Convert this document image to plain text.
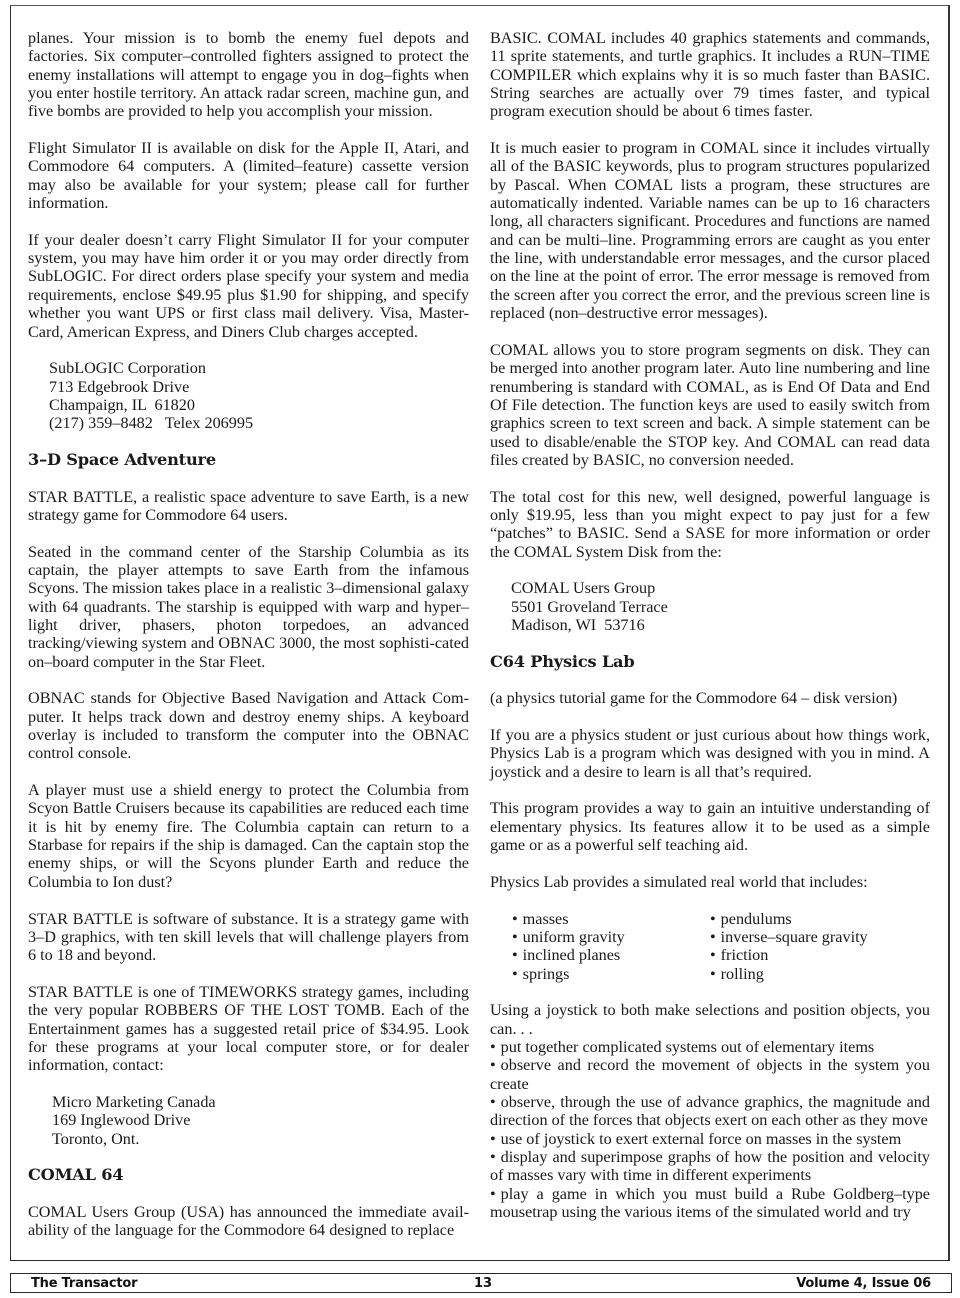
planes. Your mission is to bomb the enemy fuel depots and factories. Six computer–controlled fighters assigned to protect the enemy installations will attempt to engage you in dog–fights when you enter hostile territory. An attack radar screen, machine gun, and five bombs are provided to help you accomplish your mission.

Flight Simulator II is available on disk for the Apple II, Atari, and Commodore 64 computers. A (limited–feature) cassette version may also be available for your system; please call for further information.

If your dealer doesn’t carry Flight Simulator II for your computer system, you may have him order it or you may order directly from SubLOGIC. For direct orders plase specify your system and media requirements, enclose $49.95 plus $1.90 for shipping, and specify whether you want UPS or first class mail delivery. Visa, Master-Card, American Express, and Diners Club charges accepted.

SubLOGIC Corporation
713 Edgebrook Drive
Champaign, IL  61820
(217) 359–8482   Telex 206995
3–D Space Adventure

STAR BATTLE, a realistic space adventure to save Earth, is a new strategy game for Commodore 64 users.

Seated in the command center of the Starship Columbia as its captain, the player attempts to save Earth from the infamous Scyons. The mission takes place in a realistic 3–dimensional galaxy with 64 quadrants. The starship is equipped with warp and hyper–light driver, phasers, photon torpedoes, an advanced tracking/viewing system and OBNAC 3000, the most sophisti-cated on–board computer in the Star Fleet.

OBNAC stands for Objective Based Navigation and Attack Com-puter. It helps track down and destroy enemy ships. A keyboard overlay is included to transform the computer into the OBNAC control console.

A player must use a shield energy to protect the Columbia from Scyon Battle Cruisers because its capabilities are reduced each time it is hit by enemy fire. The Columbia captain can return to a Starbase for repairs if the ship is damaged. Can the captain stop the enemy ships, or will the Scyons plunder Earth and reduce the Columbia to Ion dust?

STAR BATTLE is software of substance. It is a strategy game with 3–D graphics, with ten skill levels that will challenge players from 6 to 18 and beyond.

STAR BATTLE is one of TIMEWORKS strategy games, including the very popular ROBBERS OF THE LOST TOMB. Each of the Entertainment games has a suggested retail price of $34.95. Look for these programs at your local computer store, or for dealer information, contact:

Micro Marketing Canada
169 Inglewood Drive
Toronto, Ont.
COMAL 64

COMAL Users Group (USA) has announced the immediate avail-ability of the language for the Commodore 64 designed to replace

BASIC. COMAL includes 40 graphics statements and commands, 11 sprite statements, and turtle graphics. It includes a RUN–TIME COMPILER which explains why it is so much faster than BASIC. String searches are actually over 79 times faster, and typical program execution should be about 6 times faster.

It is much easier to program in COMAL since it includes virtually all of the BASIC keywords, plus to program structures popularized by Pascal. When COMAL lists a program, these structures are automatically indented. Variable names can be up to 16 characters long, all characters significant. Procedures and functions are named and can be multi–line. Programming errors are caught as you enter the line, with understandable error messages, and the cursor placed on the line at the point of error. The error message is removed from the screen after you correct the error, and the previous screen line is replaced (non–destructive error messages).

COMAL allows you to store program segments on disk. They can be merged into another program later. Auto line numbering and line renumbering is standard with COMAL, as is End Of Data and End Of File detection. The function keys are used to easily switch from graphics screen to text screen and back. A simple statement can be used to disable/enable the STOP key. And COMAL can read data files created by BASIC, no conversion needed.

The total cost for this new, well designed, powerful language is only $19.95, less than you might expect to pay just for a few “patches” to BASIC. Send a SASE for more information or order the COMAL System Disk from the:

COMAL Users Group
5501 Groveland Terrace
Madison, WI  53716
C64 Physics Lab

(a physics tutorial game for the Commodore 64 – disk version)

If you are a physics student or just curious about how things work, Physics Lab is a program which was designed with you in mind. A joystick and a desire to learn is all that’s required.

This program provides a way to gain an intuitive understanding of elementary physics. Its features allow it to be used as a simple game or as a powerful self teaching aid.

Physics Lab provides a simulated real world that includes:

• masses
• uniform gravity
• inclined planes
• springs
• pendulums
• inverse–square gravity
• friction
• rolling

Using a joystick to both make selections and position objects, you can. . .

• put together complicated systems out of elementary items
• observe and record the movement of objects in the system you create
• observe, through the use of advance graphics, the magnitude and direction of the forces that objects exert on each other as they move
• use of joystick to exert external force on masses in the system
• display and superimpose graphs of how the position and velocity of masses vary with time in different experiments
• play a game in which you must build a Rube Goldberg–type mousetrap using the various items of the simulated world and try
The Transactor	13	Volume 4, Issue 06
